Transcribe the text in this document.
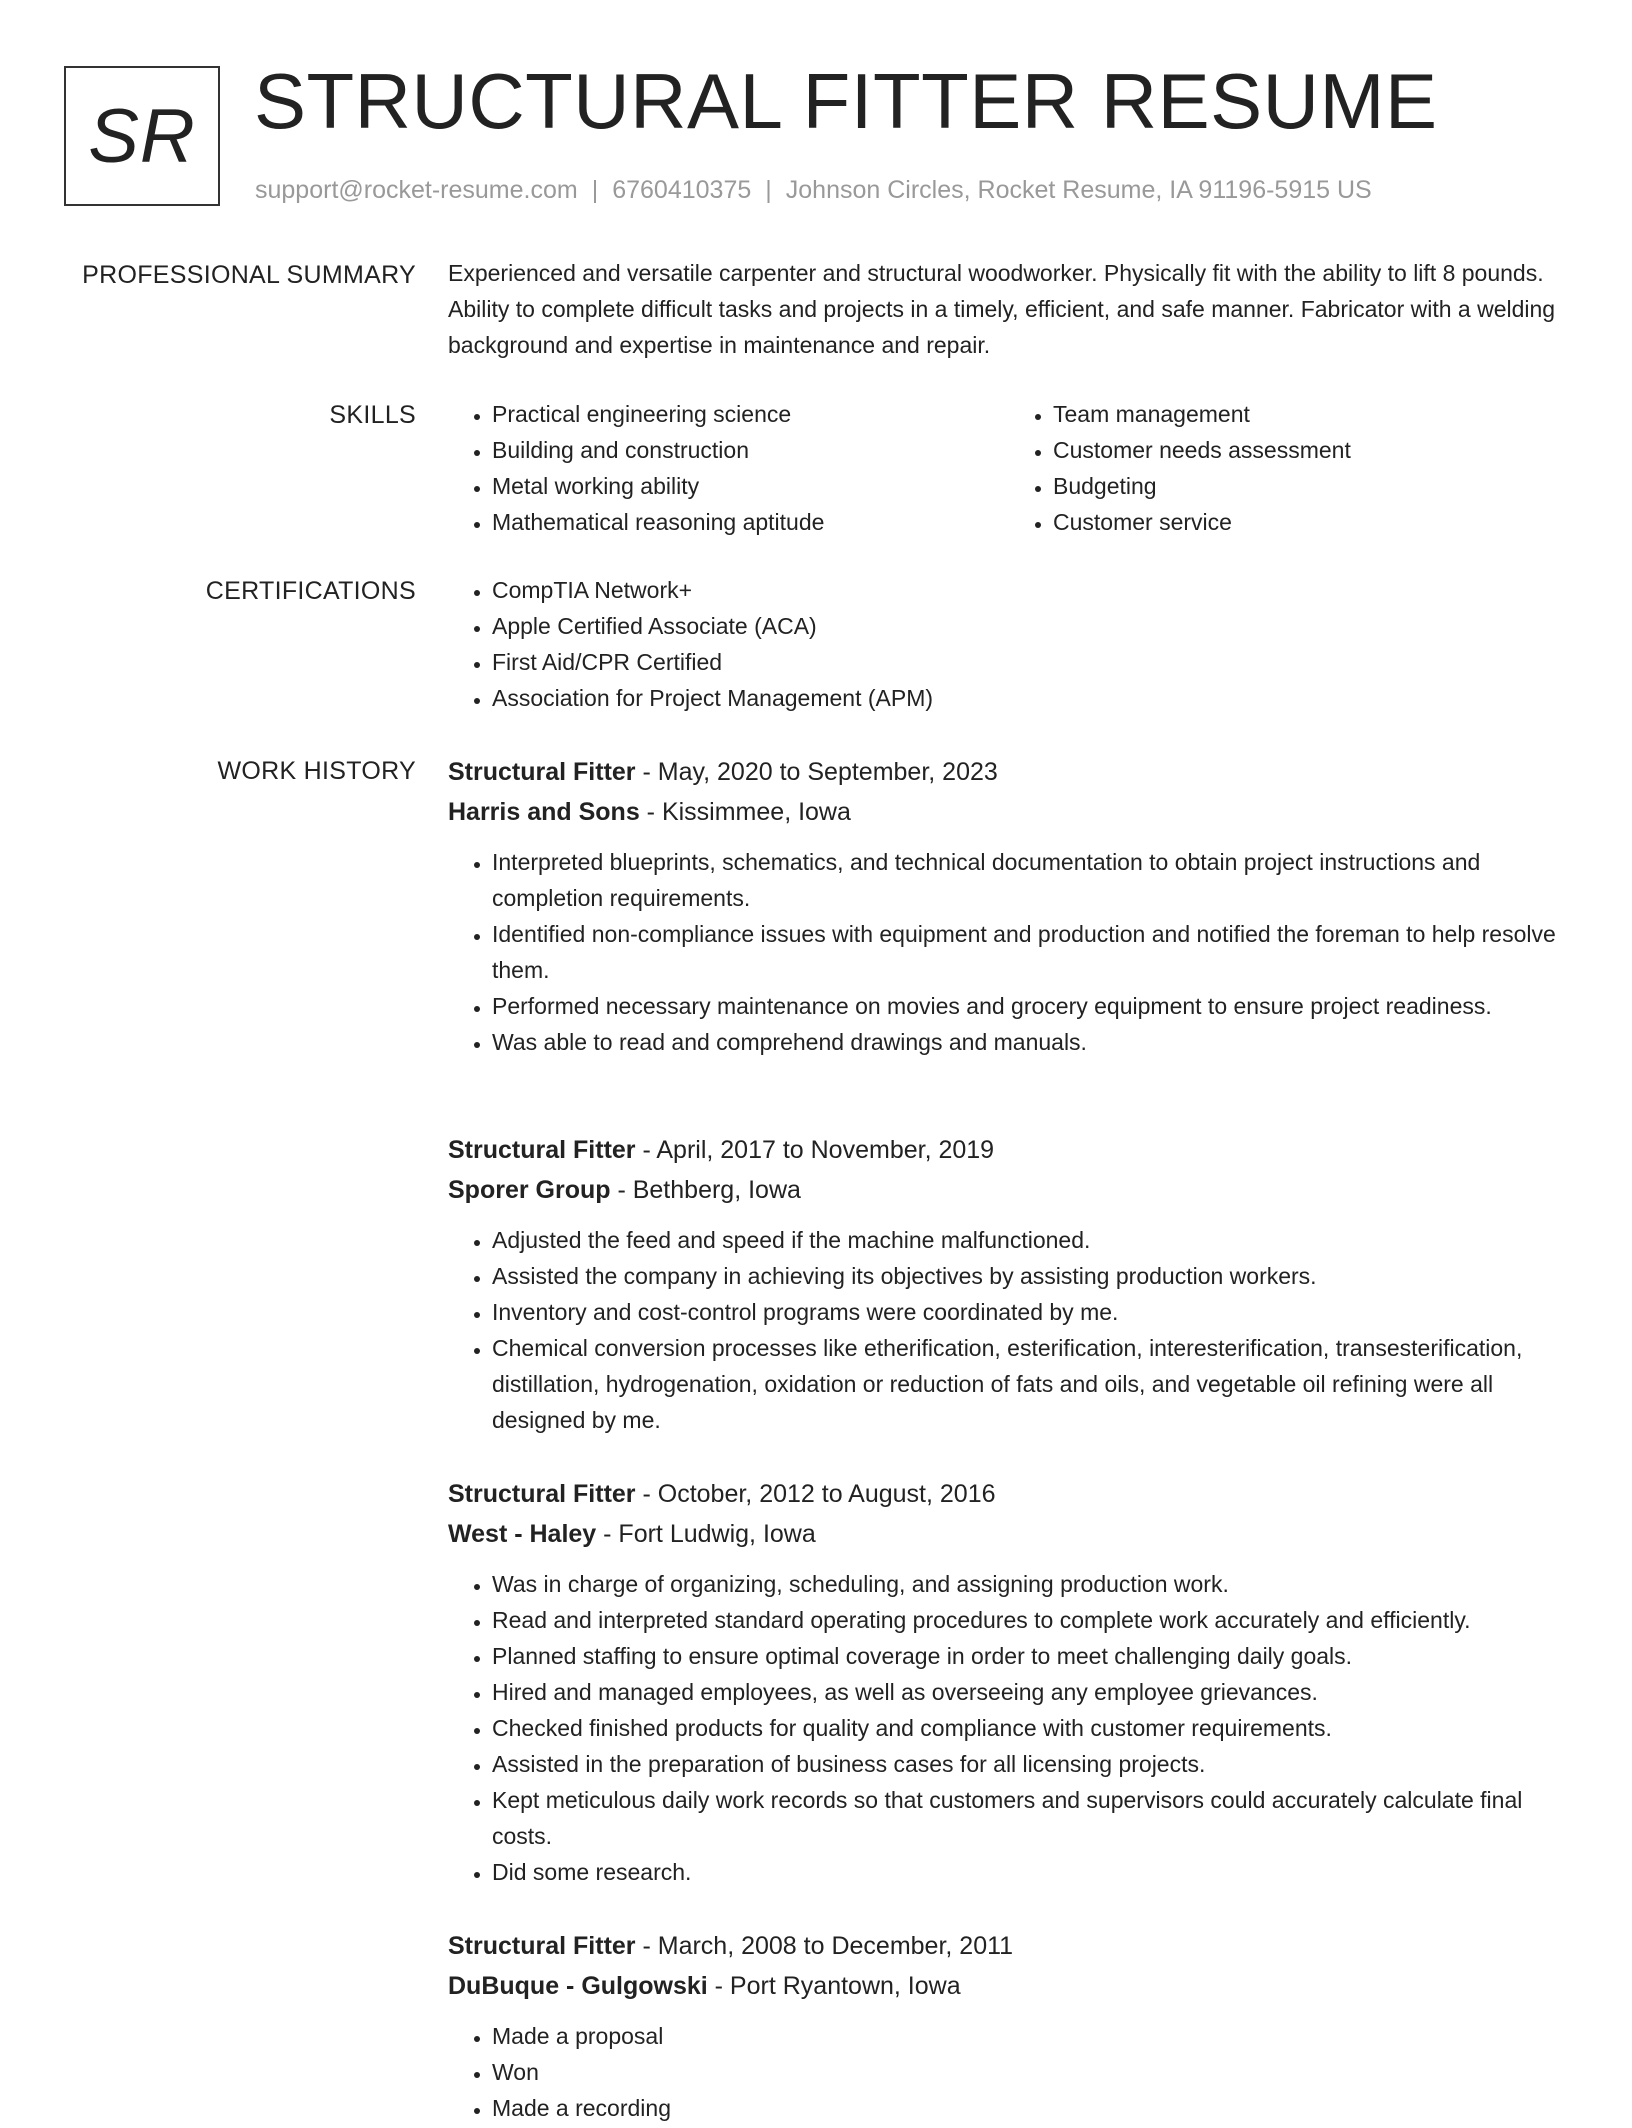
SR STRUCTURAL FITTER RESUME
support@rocket-resume.com | 6760410375 | Johnson Circles, Rocket Resume, IA 91196-5915 US
PROFESSIONAL SUMMARY Experienced and versatile carpenter and structural woodworker. Physically fit with the ability to lift 8 pounds. Ability to complete difficult tasks and projects in a timely, efficient, and safe manner. Fabricator with a welding background and expertise in maintenance and repair.

SKILLS	• Practical engineering science
• Building and construction
• Metal working ability
• Mathematical reasoning aptitude
• Team management
• Customer needs assessment
• Budgeting
• Customer service
CERTIFICATIONS	• CompTIA Network+
• Apple Certified Associate (ACA)
• First Aid/CPR Certified
• Association for Project Management (APM)
WORK HISTORY Structural Fitter - May, 2020 to September, 2023
Harris and Sons - Kissimmee, Iowa
• Interpreted blueprints, schematics, and technical documentation to obtain project instructions and completion requirements.
• Identified non-compliance issues with equipment and production and notified the foreman to help resolve them.
• Performed necessary maintenance on movies and grocery equipment to ensure project readiness.
• Was able to read and comprehend drawings and manuals.
Structural Fitter - April, 2017 to November, 2019
Sporer Group - Bethberg, Iowa
• Adjusted the feed and speed if the machine malfunctioned.
• Assisted the company in achieving its objectives by assisting production workers.
• Inventory and cost-control programs were coordinated by me.
• Chemical conversion processes like etherification, esterification, interesterification, transesterification, distillation, hydrogenation, oxidation or reduction of fats and oils, and vegetable oil refining were all designed by me.
Structural Fitter - October, 2012 to August, 2016
West - Haley - Fort Ludwig, Iowa
• Was in charge of organizing, scheduling, and assigning production work.
• Read and interpreted standard operating procedures to complete work accurately and efficiently.
• Planned staffing to ensure optimal coverage in order to meet challenging daily goals.
• Hired and managed employees, as well as overseeing any employee grievances.
• Checked finished products for quality and compliance with customer requirements.
• Assisted in the preparation of business cases for all licensing projects.
• Kept meticulous daily work records so that customers and supervisors could accurately calculate final costs.
• Did some research.
Structural Fitter - March, 2008 to December, 2011
DuBuque - Gulgowski - Port Ryantown, Iowa
• Made a proposal
• Won
• Made a recording
